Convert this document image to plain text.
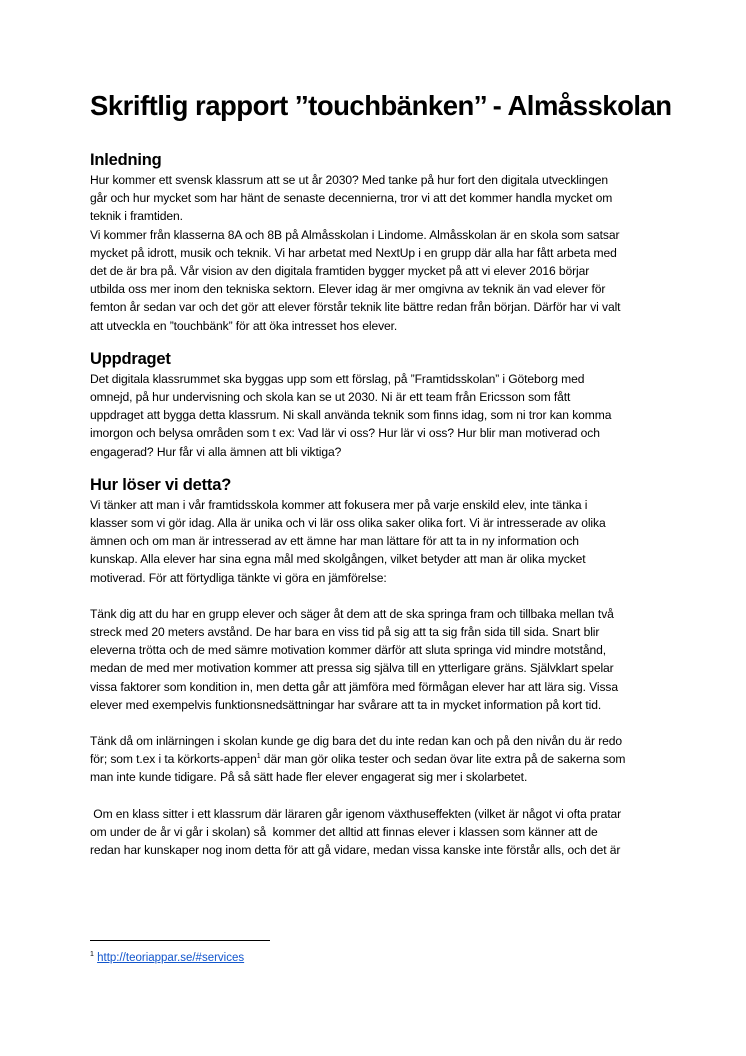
Skriftlig rapport ’’touchbänken’’ - Almåsskolan
Inledning
Hur kommer ett svensk klassrum att se ut år 2030? Med tanke på hur fort den digitala utvecklingen
går och hur mycket som har hänt de senaste decennierna, tror vi att det kommer handla mycket om
teknik i framtiden.
Vi kommer från klasserna 8A och 8B på Almåsskolan i Lindome. Almåsskolan är en skola som satsar
mycket på idrott, musik och teknik. Vi har arbetat med NextUp i en grupp där alla har fått arbeta med
det de är bra på. Vår vision av den digitala framtiden bygger mycket på att vi elever 2016 börjar
utbilda oss mer inom den tekniska sektorn. Elever idag är mer omgivna av teknik än vad elever för
femton år sedan var och det gör att elever förstår teknik lite bättre redan från början. Därför har vi valt
att utveckla en ”touchbänk” för att öka intresset hos elever.
Uppdraget
Det digitala klassrummet ska byggas upp som ett förslag, på ”Framtidsskolan” i Göteborg med
omnejd, på hur undervisning och skola kan se ut 2030. Ni är ett team från Ericsson som fått
uppdraget att bygga detta klassrum. Ni skall använda teknik som finns idag, som ni tror kan komma
imorgon och belysa områden som t ex: Vad lär vi oss? Hur lär vi oss? Hur blir man motiverad och
engagerad? Hur får vi alla ämnen att bli viktiga?
Hur löser vi detta?
Vi tänker att man i vår framtidsskola kommer att fokusera mer på varje enskild elev, inte tänka i
klasser som vi gör idag. Alla är unika och vi lär oss olika saker olika fort. Vi är intresserade av olika
ämnen och om man är intresserad av ett ämne har man lättare för att ta in ny information och
kunskap. Alla elever har sina egna mål med skolgången, vilket betyder att man är olika mycket
motiverad. För att förtydliga tänkte vi göra en jämförelse:
Tänk dig att du har en grupp elever och säger åt dem att de ska springa fram och tillbaka mellan två
streck med 20 meters avstånd. De har bara en viss tid på sig att ta sig från sida till sida. Snart blir
eleverna trötta och de med sämre motivation kommer därför att sluta springa vid mindre motstånd,
medan de med mer motivation kommer att pressa sig själva till en ytterligare gräns. Självklart spelar
vissa faktorer som kondition in, men detta går att jämföra med förmågan elever har att lära sig. Vissa
elever med exempelvis funktionsnedsättningar har svårare att ta in mycket information på kort tid.
Tänk då om inlärningen i skolan kunde ge dig bara det du inte redan kan och på den nivån du är redo
för; som t.ex i ta körkorts-appen$^1$ där man gör olika tester och sedan övar lite extra på de sakerna som
man inte kunde tidigare. På så sätt hade fler elever engagerat sig mer i skolarbetet.
Om en klass sitter i ett klassrum där läraren går igenom växthuseffekten (vilket är något vi ofta pratar
om under de år vi går i skolan) så  kommer det alltid att finnas elever i klassen som känner att de
redan har kunskaper nog inom detta för att gå vidare, medan vissa kanske inte förstår alls, och det är
$^1$ http://teoriappar.se/#services
